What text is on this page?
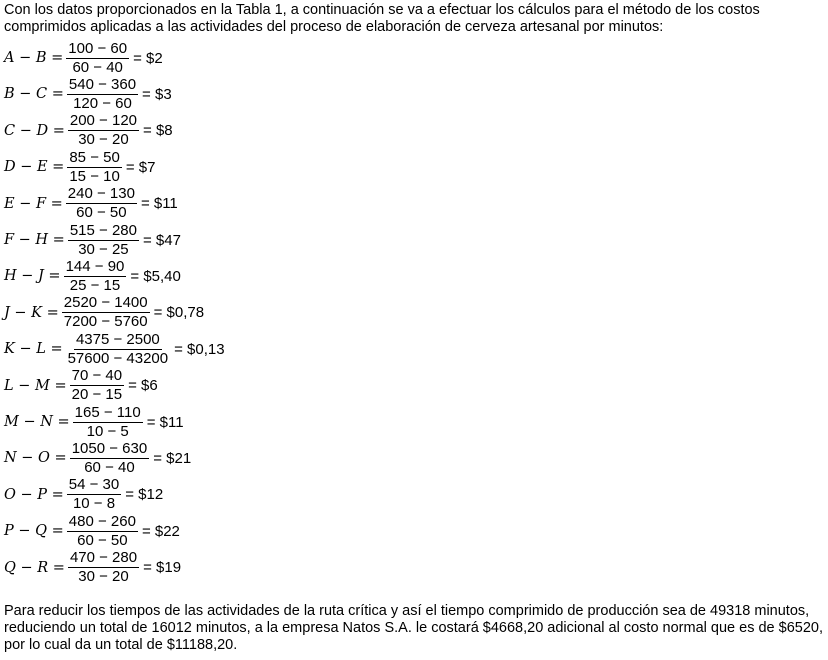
Con los datos proporcionados en la Tabla 1, a continuación se va a efectuar los cálculos para el método de los costos
comprimidos aplicadas a las actividades del proceso de elaboración de cerveza artesanal por minutos:
$A - B = \frac{100 - 60}{60 - 40}$ = $2
$B - C = \frac{540 - 360}{120 - 60}$ = $3
$C - D = \frac{200 - 120}{30 - 20}$ = $8
$D - E = \frac{85 - 50}{15 - 10}$ = $7
$E - F = \frac{240 - 130}{60 - 50}$ = $11
$F - H = \frac{515 - 280}{30 - 25}$ = $47
$H - J = \frac{144 - 90}{25 - 15}$ = $5,40
$J - K = \frac{2520 - 1400}{7200 - 5760}$ = $0,78
$K - L = \frac{4375 - 2500}{57600 - 43200}$ = $0,13
$L - M = \frac{70 - 40}{20 - 15}$ = $6
$M - N = \frac{165 - 110}{10 - 5}$ = $11
$N - O = \frac{1050 - 630}{60 - 40}$ = $21
$O - P = \frac{54 - 30}{10 - 8}$ = $12
$P - Q = \frac{480 - 260}{60 - 50}$ = $22
$Q - R = \frac{470 - 280}{30 - 20}$ = $19
Para reducir los tiempos de las actividades de la ruta crítica y así el tiempo comprimido de producción sea de 49318 minutos,
reduciendo un total de 16012 minutos, a la empresa Natos S.A. le costará $4668,20 adicional al costo normal que es de $6520,
por lo cual da un total de $11188,20.
